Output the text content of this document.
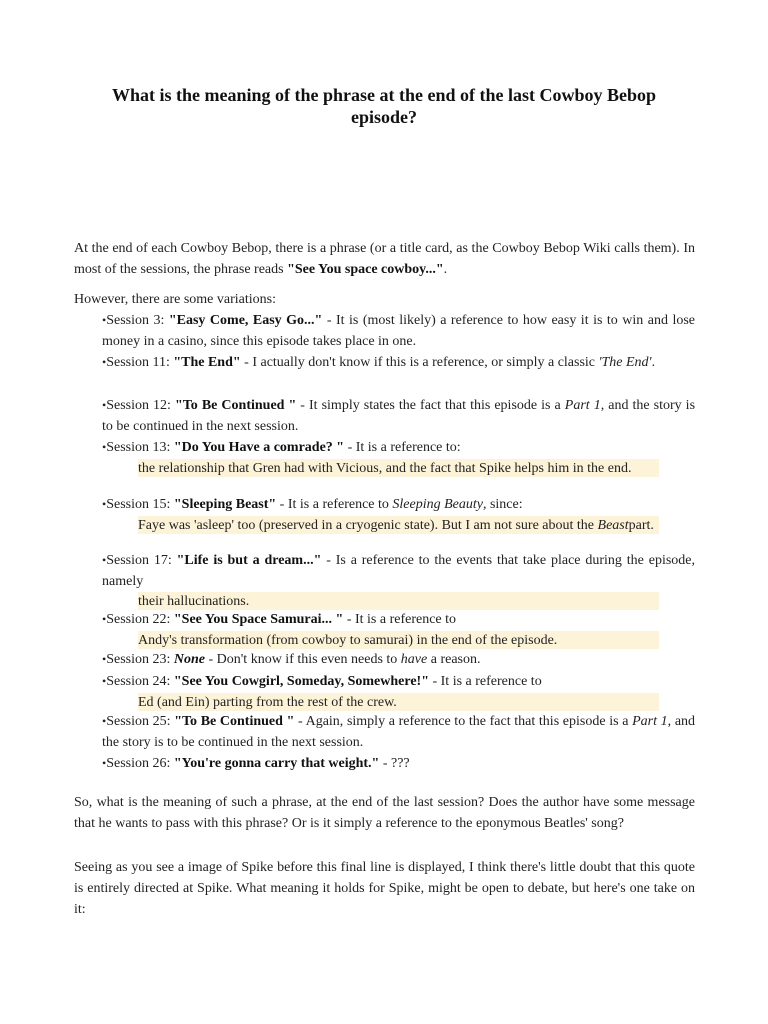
What is the meaning of the phrase at the end of the last Cowboy Bebop episode?
At the end of each Cowboy Bebop, there is a phrase (or a title card, as the Cowboy Bebop Wiki calls them). In most of the sessions, the phrase reads "See You space cowboy...".
However, there are some variations:
•Session 3: "Easy Come, Easy Go..." - It is (most likely) a reference to how easy it is to win and lose money in a casino, since this episode takes place in one.
•Session 11: "The End" - I actually don't know if this is a reference, or simply a classic 'The End'.
•Session 12: "To Be Continued " - It simply states the fact that this episode is a Part 1, and the story is to be continued in the next session.
•Session 13: "Do You Have a comrade? " - It is a reference to:
the relationship that Gren had with Vicious, and the fact that Spike helps him in the end.
•Session 15: "Sleeping Beast" - It is a reference to Sleeping Beauty, since:
Faye was 'asleep' too (preserved in a cryogenic state). But I am not sure about the Beastpart.
•Session 17: "Life is but a dream..." - Is a reference to the events that take place during the episode, namely
their hallucinations.
•Session 22: "See You Space Samurai... " - It is a reference to
Andy's transformation (from cowboy to samurai) in the end of the episode.
•Session 23: None - Don't know if this even needs to have a reason.
•Session 24: "See You Cowgirl, Someday, Somewhere!" - It is a reference to
Ed (and Ein) parting from the rest of the crew.
•Session 25: "To Be Continued " - Again, simply a reference to the fact that this episode is a Part 1, and the story is to be continued in the next session.
•Session 26: "You're gonna carry that weight." - ???
So, what is the meaning of such a phrase, at the end of the last session? Does the author have some message that he wants to pass with this phrase? Or is it simply a reference to the eponymous Beatles' song?
Seeing as you see a image of Spike before this final line is displayed, I think there's little doubt that this quote is entirely directed at Spike. What meaning it holds for Spike, might be open to debate, but here's one take on it:
